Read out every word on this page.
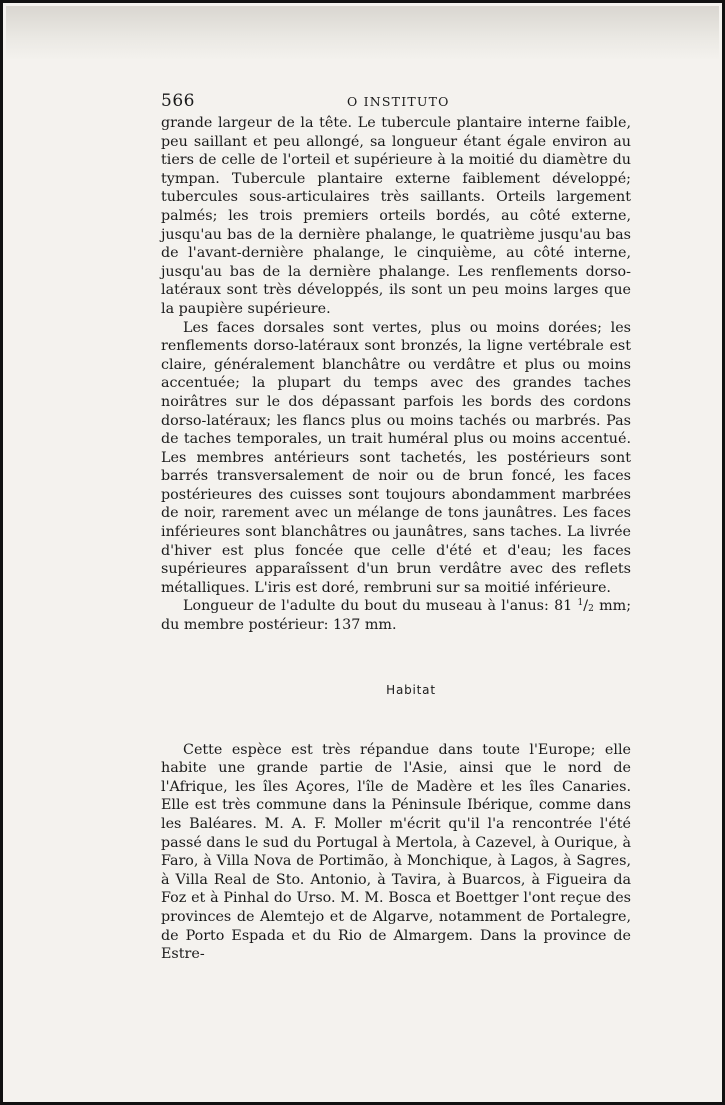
566	O INSTITUTO

grande largeur de la tête. Le tubercule plantaire interne faible, peu saillant et peu allongé, sa longueur étant égale environ au tiers de celle de l'orteil et supérieure à la moitié du diamètre du tympan. Tubercule plantaire externe faiblement développé; tubercules sous-articulaires très saillants. Orteils largement palmés; les trois premiers orteils bordés, au côté externe, jusqu'au bas de la dernière phalange, le quatrième jusqu'au bas de l'avant-dernière phalange, le cinquième, au côté interne, jusqu'au bas de la dernière phalange. Les renflements dorso-latéraux sont très développés, ils sont un peu moins larges que la paupière supérieure.

Les faces dorsales sont vertes, plus ou moins dorées; les renflements dorso-latéraux sont bronzés, la ligne vertébrale est claire, généralement blanchâtre ou verdâtre et plus ou moins accentuée; la plupart du temps avec des grandes taches noirâtres sur le dos dépassant parfois les bords des cordons dorso-latéraux; les flancs plus ou moins tachés ou marbrés. Pas de taches temporales, un trait huméral plus ou moins accentué. Les membres antérieurs sont tachetés, les postérieurs sont barrés transversalement de noir ou de brun foncé, les faces postérieures des cuisses sont toujours abondamment marbrées de noir, rarement avec un mélange de tons jaunâtres. Les faces inférieures sont blanchâtres ou jaunâtres, sans taches. La livrée d'hiver est plus foncée que celle d'été et d'eau; les faces supérieures apparaîssent d'un brun verdâtre avec des reflets métalliques. L'iris est doré, rembruni sur sa moitié inférieure.

Longueur de l'adulte du bout du museau à l'anus: 81 $^1/_2$ mm; du membre postérieur: 137 mm.

Habitat

Cette espèce est très répandue dans toute l'Europe; elle habite une grande partie de l'Asie, ainsi que le nord de l'Afrique, les îles Açores, l'île de Madère et les îles Canaries. Elle est très commune dans la Péninsule Ibérique, comme dans les Baléares. M. A. F. Moller m'écrit qu'il l'a rencontrée l'été passé dans le sud du Portugal à Mertola, à Cazevel, à Ourique, à Faro, à Villa Nova de Portimão, à Monchique, à Lagos, à Sagres, à Villa Real de Sto. Antonio, à Tavira, à Buarcos, à Figueira da Foz et à Pinhal do Urso. M. M. Bosca et Boettger l'ont reçue des provinces de Alemtejo et de Algarve, notamment de Portalegre, de Porto Espada et du Rio de Almargem. Dans la province de Estre-
